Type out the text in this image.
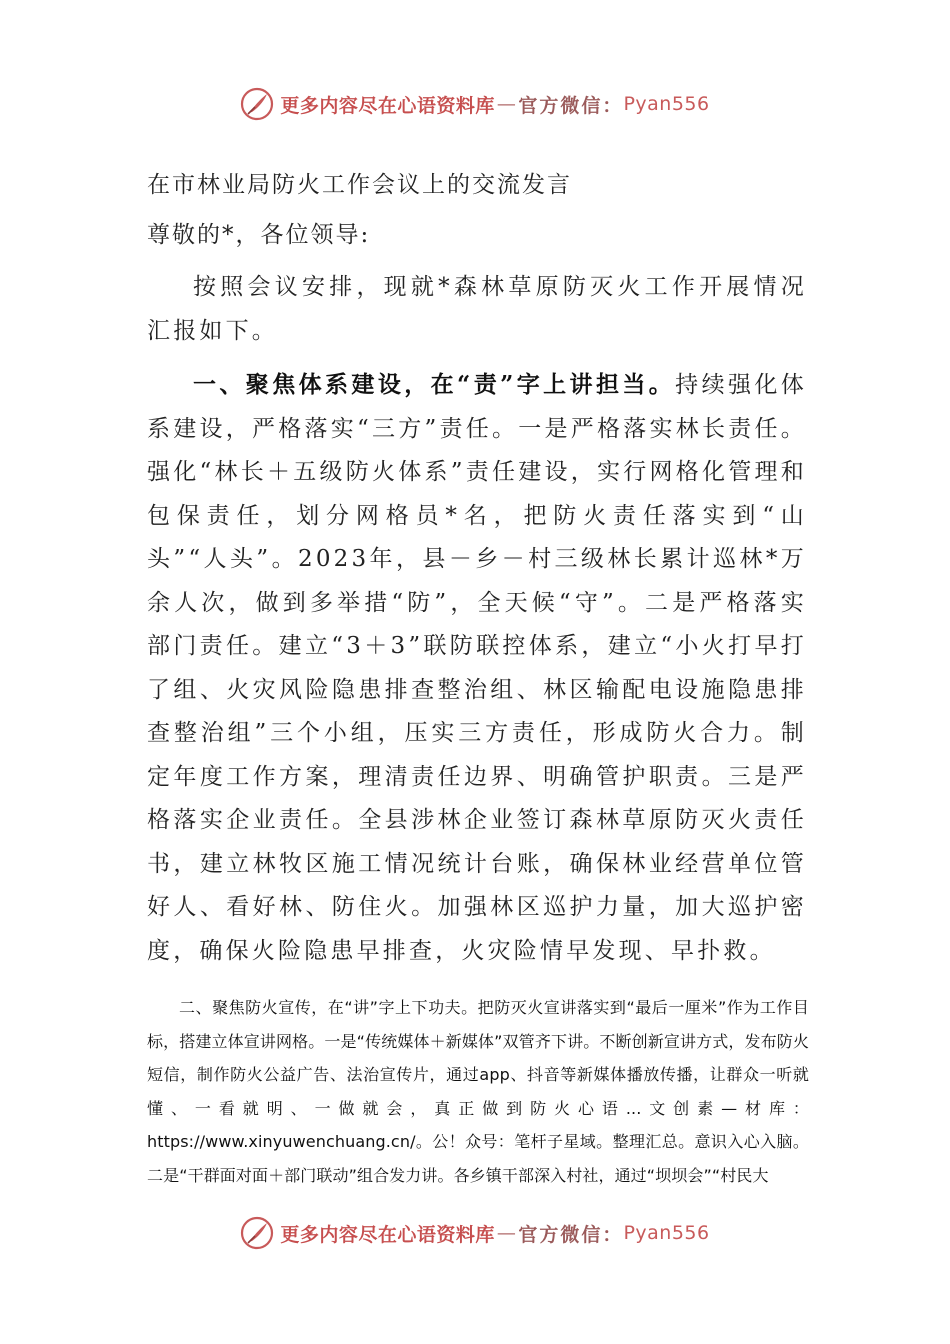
更多内容尽在心语资料库 — 官方微信： Pyan556

在市林业局防火工作会议上的交流发言

尊敬的*，各位领导:

按照会议安排，现就*森林草原防灭火工作开展情况汇报如下。

一、聚焦体系建设，在“责”字上讲担当。持续强化体系建设，严格落实“三方”责任。一是严格落实林长责任。强化“林长＋五级防火体系”责任建设，实行网格化管理和包保责任，划分网格员*名，把防火责任落实到“山头”“人头”。2023年，县－乡－村三级林长累计巡林*万余人次，做到多举措“防”，全天候“守”。二是严格落实部门责任。建立“3＋3”联防联控体系，建立“小火打早打了组、火灾风险隐患排查整治组、林区输配电设施隐患排查整治组”三个小组，压实三方责任，形成防火合力。制定年度工作方案，理清责任边界、明确管护职责。三是严格落实企业责任。全县涉林企业签订森林草原防灭火责任书，建立林牧区施工情况统计台账，确保林业经营单位管好人、看好林、防住火。加强林区巡护力量，加大巡护密度，确保火险隐患早排查，火灾险情早发现、早扑救。

二、聚焦防火宣传，在“讲”字上下功夫。把防灭火宣讲落实到“最后一厘米”作为工作目标，搭建立体宣讲网格。一是“传统媒体＋新媒体”双管齐下讲。不断创新宣讲方式，发布防火短信，制作防火公益广告、法治宣传片，通过app、抖音等新媒体播放传播，让群众一听就懂、一看就明、一做就会，真正做到防火心语...文创素—材库：https://www.xinyuwenchuang.cn/。公！众号：笔杆子星域。整理汇总。意识入心入脑。二是“干群面对面＋部门联动”组合发力讲。各乡镇干部深入村社，通过“坝坝会”“村民大

更多内容尽在心语资料库 — 官方微信： Pyan556
